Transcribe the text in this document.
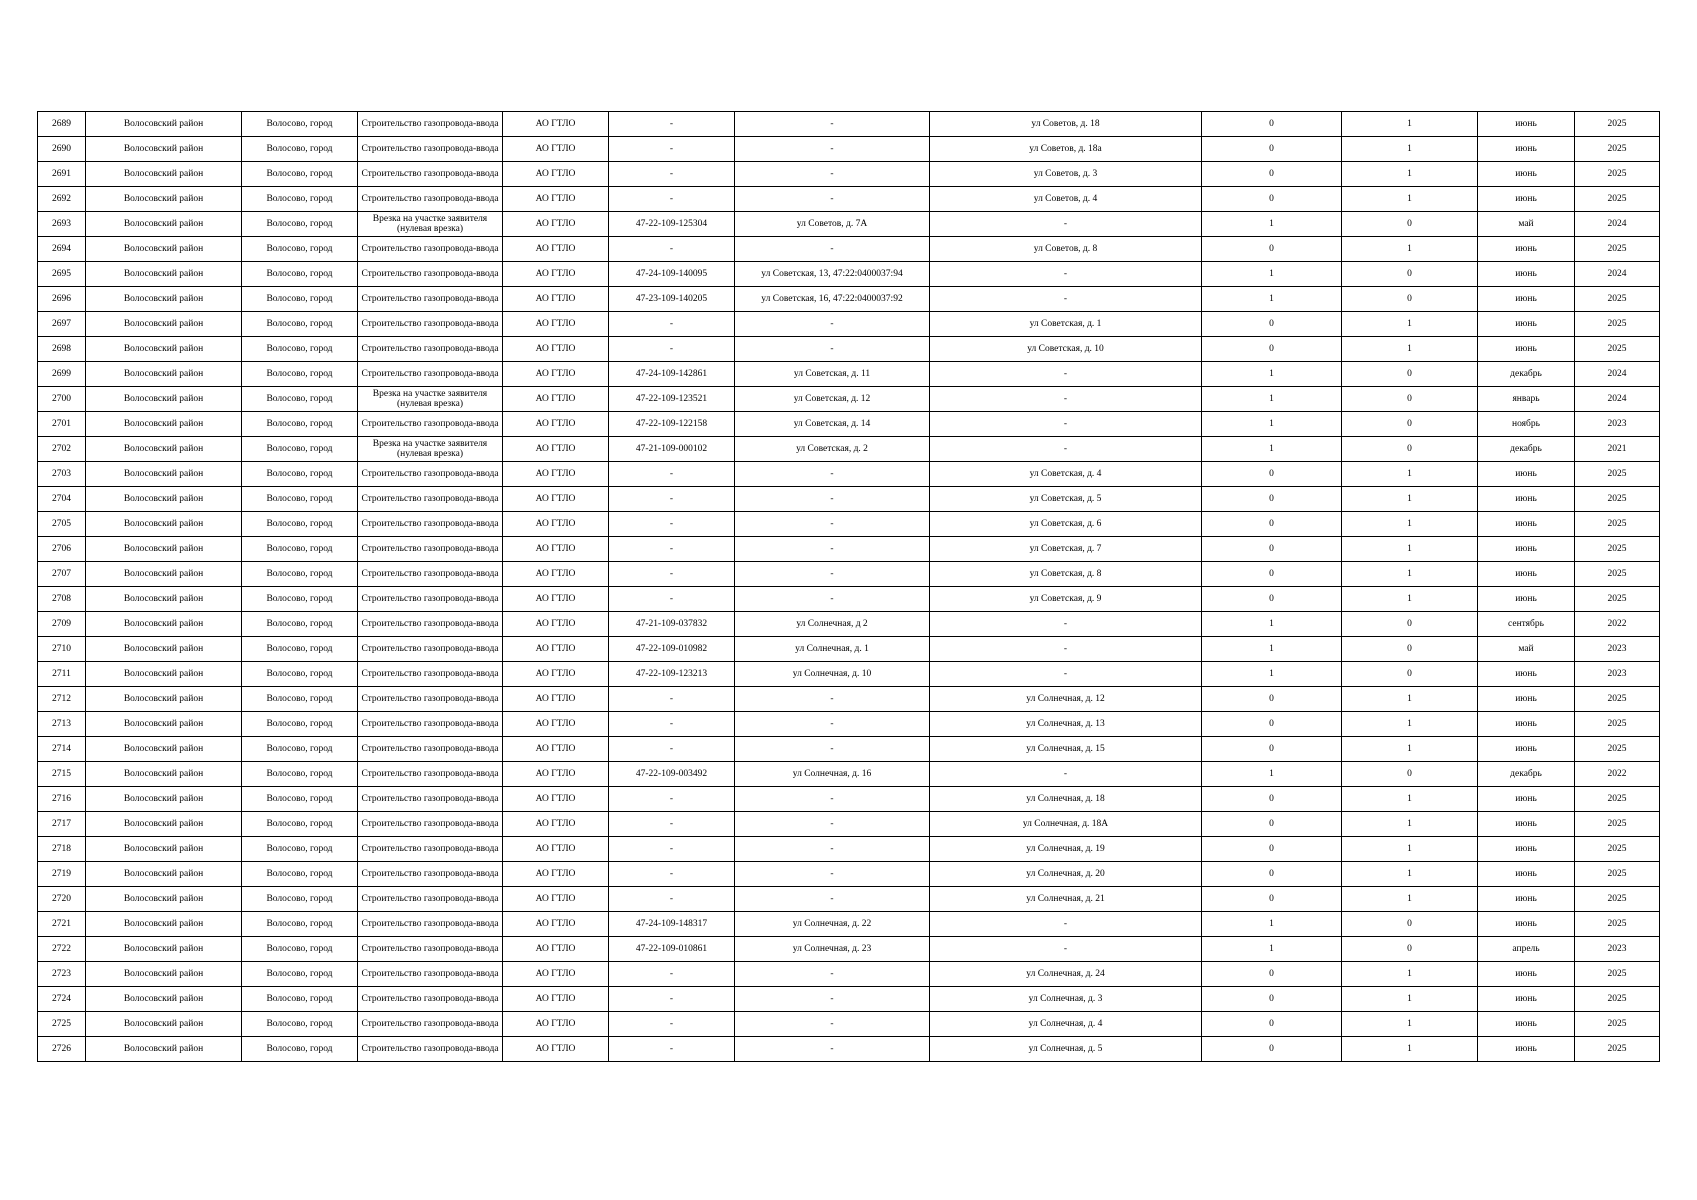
2689	Волосовский район	Волосово, город	Строительство газопровода-ввода	АО ГТЛО	-	-	ул Советов, д. 18	0	1	июнь	2025
2690	Волосовский район	Волосово, город	Строительство газопровода-ввода	АО ГТЛО	-	-	ул Советов, д. 18а	0	1	июнь	2025
2691	Волосовский район	Волосово, город	Строительство газопровода-ввода	АО ГТЛО	-	-	ул Советов, д. 3	0	1	июнь	2025
2692	Волосовский район	Волосово, город	Строительство газопровода-ввода	АО ГТЛО	-	-	ул Советов, д. 4	0	1	июнь	2025
2693	Волосовский район	Волосово, город	Врезка на участке заявителя (нулевая врезка)	АО ГТЛО	47-22-109-125304	ул Советов, д. 7А	-	1	0	май	2024
2694	Волосовский район	Волосово, город	Строительство газопровода-ввода	АО ГТЛО	-	-	ул Советов, д. 8	0	1	июнь	2025
2695	Волосовский район	Волосово, город	Строительство газопровода-ввода	АО ГТЛО	47-24-109-140095	ул Советская, 13, 47:22:0400037:94	-	1	0	июнь	2024
2696	Волосовский район	Волосово, город	Строительство газопровода-ввода	АО ГТЛО	47-23-109-140205	ул Советская, 16, 47:22:0400037:92	-	1	0	июнь	2025
2697	Волосовский район	Волосово, город	Строительство газопровода-ввода	АО ГТЛО	-	-	ул Советская, д. 1	0	1	июнь	2025
2698	Волосовский район	Волосово, город	Строительство газопровода-ввода	АО ГТЛО	-	-	ул Советская, д. 10	0	1	июнь	2025
2699	Волосовский район	Волосово, город	Строительство газопровода-ввода	АО ГТЛО	47-24-109-142861	ул Советская, д. 11	-	1	0	декабрь	2024
2700	Волосовский район	Волосово, город	Врезка на участке заявителя (нулевая врезка)	АО ГТЛО	47-22-109-123521	ул Советская, д. 12	-	1	0	январь	2024
2701	Волосовский район	Волосово, город	Строительство газопровода-ввода	АО ГТЛО	47-22-109-122158	ул Советская, д. 14	-	1	0	ноябрь	2023
2702	Волосовский район	Волосово, город	Врезка на участке заявителя (нулевая врезка)	АО ГТЛО	47-21-109-000102	ул Советская, д. 2	-	1	0	декабрь	2021
2703	Волосовский район	Волосово, город	Строительство газопровода-ввода	АО ГТЛО	-	-	ул Советская, д. 4	0	1	июнь	2025
2704	Волосовский район	Волосово, город	Строительство газопровода-ввода	АО ГТЛО	-	-	ул Советская, д. 5	0	1	июнь	2025
2705	Волосовский район	Волосово, город	Строительство газопровода-ввода	АО ГТЛО	-	-	ул Советская, д. 6	0	1	июнь	2025
2706	Волосовский район	Волосово, город	Строительство газопровода-ввода	АО ГТЛО	-	-	ул Советская, д. 7	0	1	июнь	2025
2707	Волосовский район	Волосово, город	Строительство газопровода-ввода	АО ГТЛО	-	-	ул Советская, д. 8	0	1	июнь	2025
2708	Волосовский район	Волосово, город	Строительство газопровода-ввода	АО ГТЛО	-	-	ул Советская, д. 9	0	1	июнь	2025
2709	Волосовский район	Волосово, город	Строительство газопровода-ввода	АО ГТЛО	47-21-109-037832	ул Солнечная, д 2	-	1	0	сентябрь	2022
2710	Волосовский район	Волосово, город	Строительство газопровода-ввода	АО ГТЛО	47-22-109-010982	ул Солнечная, д. 1	-	1	0	май	2023
2711	Волосовский район	Волосово, город	Строительство газопровода-ввода	АО ГТЛО	47-22-109-123213	ул Солнечная, д. 10	-	1	0	июнь	2023
2712	Волосовский район	Волосово, город	Строительство газопровода-ввода	АО ГТЛО	-	-	ул Солнечная, д. 12	0	1	июнь	2025
2713	Волосовский район	Волосово, город	Строительство газопровода-ввода	АО ГТЛО	-	-	ул Солнечная, д. 13	0	1	июнь	2025
2714	Волосовский район	Волосово, город	Строительство газопровода-ввода	АО ГТЛО	-	-	ул Солнечная, д. 15	0	1	июнь	2025
2715	Волосовский район	Волосово, город	Строительство газопровода-ввода	АО ГТЛО	47-22-109-003492	ул Солнечная, д. 16	-	1	0	декабрь	2022
2716	Волосовский район	Волосово, город	Строительство газопровода-ввода	АО ГТЛО	-	-	ул Солнечная, д. 18	0	1	июнь	2025
2717	Волосовский район	Волосово, город	Строительство газопровода-ввода	АО ГТЛО	-	-	ул Солнечная, д. 18А	0	1	июнь	2025
2718	Волосовский район	Волосово, город	Строительство газопровода-ввода	АО ГТЛО	-	-	ул Солнечная, д. 19	0	1	июнь	2025
2719	Волосовский район	Волосово, город	Строительство газопровода-ввода	АО ГТЛО	-	-	ул Солнечная, д. 20	0	1	июнь	2025
2720	Волосовский район	Волосово, город	Строительство газопровода-ввода	АО ГТЛО	-	-	ул Солнечная, д. 21	0	1	июнь	2025
2721	Волосовский район	Волосово, город	Строительство газопровода-ввода	АО ГТЛО	47-24-109-148317	ул Солнечная, д. 22	-	1	0	июнь	2025
2722	Волосовский район	Волосово, город	Строительство газопровода-ввода	АО ГТЛО	47-22-109-010861	ул Солнечная, д. 23	-	1	0	апрель	2023
2723	Волосовский район	Волосово, город	Строительство газопровода-ввода	АО ГТЛО	-	-	ул Солнечная, д. 24	0	1	июнь	2025
2724	Волосовский район	Волосово, город	Строительство газопровода-ввода	АО ГТЛО	-	-	ул Солнечная, д. 3	0	1	июнь	2025
2725	Волосовский район	Волосово, город	Строительство газопровода-ввода	АО ГТЛО	-	-	ул Солнечная, д. 4	0	1	июнь	2025
2726	Волосовский район	Волосово, город	Строительство газопровода-ввода	АО ГТЛО	-	-	ул Солнечная, д. 5	0	1	июнь	2025
